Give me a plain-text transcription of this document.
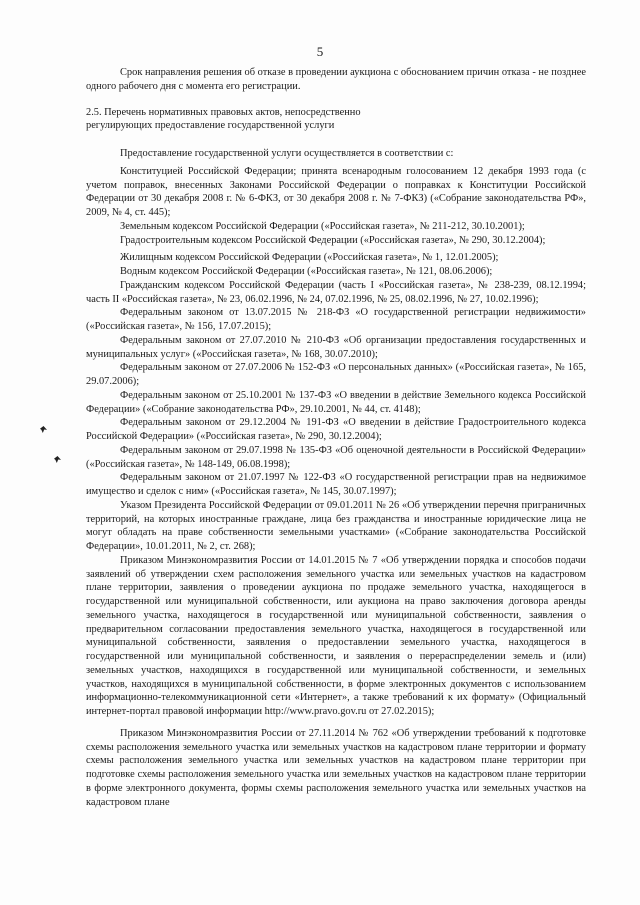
5

Срок направления решения об отказе в проведении аукциона с обоснованием причин отказа - не позднее одного рабочего дня с момента его регистрации.

2.5. Перечень нормативных правовых актов, непосредственно
регулирующих предоставление государственной услуги

Предоставление государственной услуги осуществляется в соответствии с:

Конституцией Российской Федерации; принята всенародным голосованием 12 декабря 1993 года (с учетом поправок, внесенных Законами Российской Федерации о поправках к Конституции Российской Федерации от 30 декабря 2008 г. № 6-ФКЗ, от 30 декабря 2008 г. № 7-ФКЗ) («Собрание законодательства РФ», 2009, № 4, ст. 445);

Земельным кодексом Российской Федерации («Российская газета», № 211-212, 30.10.2001);

Градостроительным кодексом Российской Федерации («Российская газета», № 290, 30.12.2004);

Жилищным кодексом Российской Федерации («Российская газета», № 1, 12.01.2005);

Водным кодексом Российской Федерации («Российская газета», № 121, 08.06.2006);

Гражданским кодексом Российской Федерации (часть I «Российская газета», № 238-239, 08.12.1994; часть II «Российская газета», № 23, 06.02.1996, № 24, 07.02.1996, № 25, 08.02.1996, № 27, 10.02.1996);

Федеральным законом от 13.07.2015 № 218-ФЗ «О государственной регистрации недвижимости» («Российская газета», № 156, 17.07.2015);

Федеральным законом от 27.07.2010 № 210-ФЗ «Об организации предоставления государственных и муниципальных услуг» («Российская газета», № 168, 30.07.2010);

Федеральным законом от 27.07.2006 № 152-ФЗ «О персональных данных» («Российская газета», № 165, 29.07.2006);

Федеральным законом от 25.10.2001 № 137-ФЗ «О введении в действие Земельного кодекса Российской Федерации» («Собрание законодательства РФ», 29.10.2001, № 44, ст. 4148);

Федеральным законом от 29.12.2004 № 191-ФЗ «О введении в действие Градостроительного кодекса Российской Федерации» («Российская газета», № 290, 30.12.2004);

Федеральным законом от 29.07.1998 № 135-ФЗ «Об оценочной деятельности в Российской Федерации» («Российская газета», № 148-149, 06.08.1998);

Федеральным законом от 21.07.1997 № 122-ФЗ «О государственной регистрации прав на недвижимое имущество и сделок с ним» («Российская газета», № 145, 30.07.1997);

Указом Президента Российской Федерации от 09.01.2011 № 26 «Об утверждении перечня приграничных территорий, на которых иностранные граждане, лица без гражданства и иностранные юридические лица не могут обладать на праве собственности земельными участками» («Собрание законодательства Российской Федерации», 10.01.2011, № 2, ст. 268);

Приказом Минэкономразвития России от 14.01.2015 № 7 «Об утверждении порядка и способов подачи заявлений об утверждении схем расположения земельного участка или земельных участков на кадастровом плане территории, заявления о проведении аукциона по продаже земельного участка, находящегося в государственной или муниципальной собственности, или аукциона на право заключения договора аренды земельного участка, находящегося в государственной или муниципальной собственности, заявления о предварительном согласовании предоставления земельного участка, находящегося в государственной или муниципальной собственности, заявления о предоставлении земельного участка, находящегося в государственной или муниципальной собственности, и заявления о перераспределении земель и (или) земельных участков, находящихся в государственной или муниципальной собственности, и земельных участков, находящихся в муниципальной собственности, в форме электронных документов с использованием информационно-телекоммуникационной сети «Интернет», а также требований к их формату» (Официальный интернет-портал правовой информации http://www.pravo.gov.ru от 27.02.2015);

Приказом Минэкономразвития России от 27.11.2014 № 762 «Об утверждении требований к подготовке схемы расположения земельного участка или земельных участков на кадастровом плане территории и формату схемы расположения земельного участка или земельных участков на кадастровом плане территории при подготовке схемы расположения земельного участка или земельных участков на кадастровом плане территории в форме электронного документа, формы схемы расположения земельного участка или земельных участков на кадастровом плане
